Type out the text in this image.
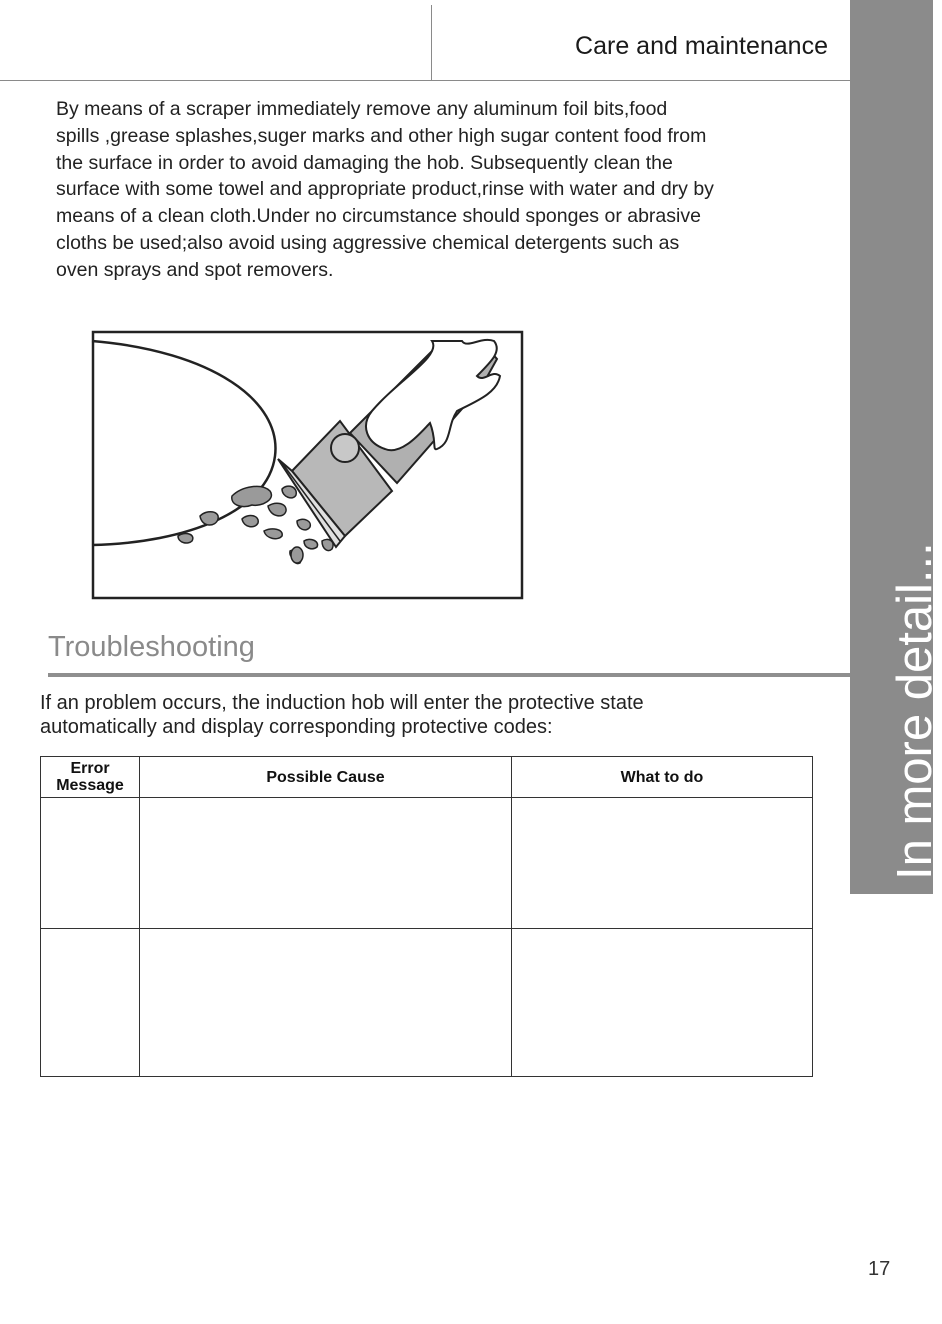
Care and maintenance
In more detail...
By means of a scraper immediately remove any aluminum foil bits,food
spills ,grease splashes,suger marks and other high sugar content food from
the surface in order to avoid damaging the hob. Subsequently clean the
surface with some towel and appropriate product,rinse with water and dry by
means of a clean cloth.Under no circumstance should sponges or abrasive
cloths be used;also avoid using aggressive chemical detergents such as
oven sprays and spot removers.
Troubleshooting
If an problem occurs, the induction hob will enter the protective state
automatically and display corresponding protective codes:
Error
Message	Possible Cause	What to do

17
